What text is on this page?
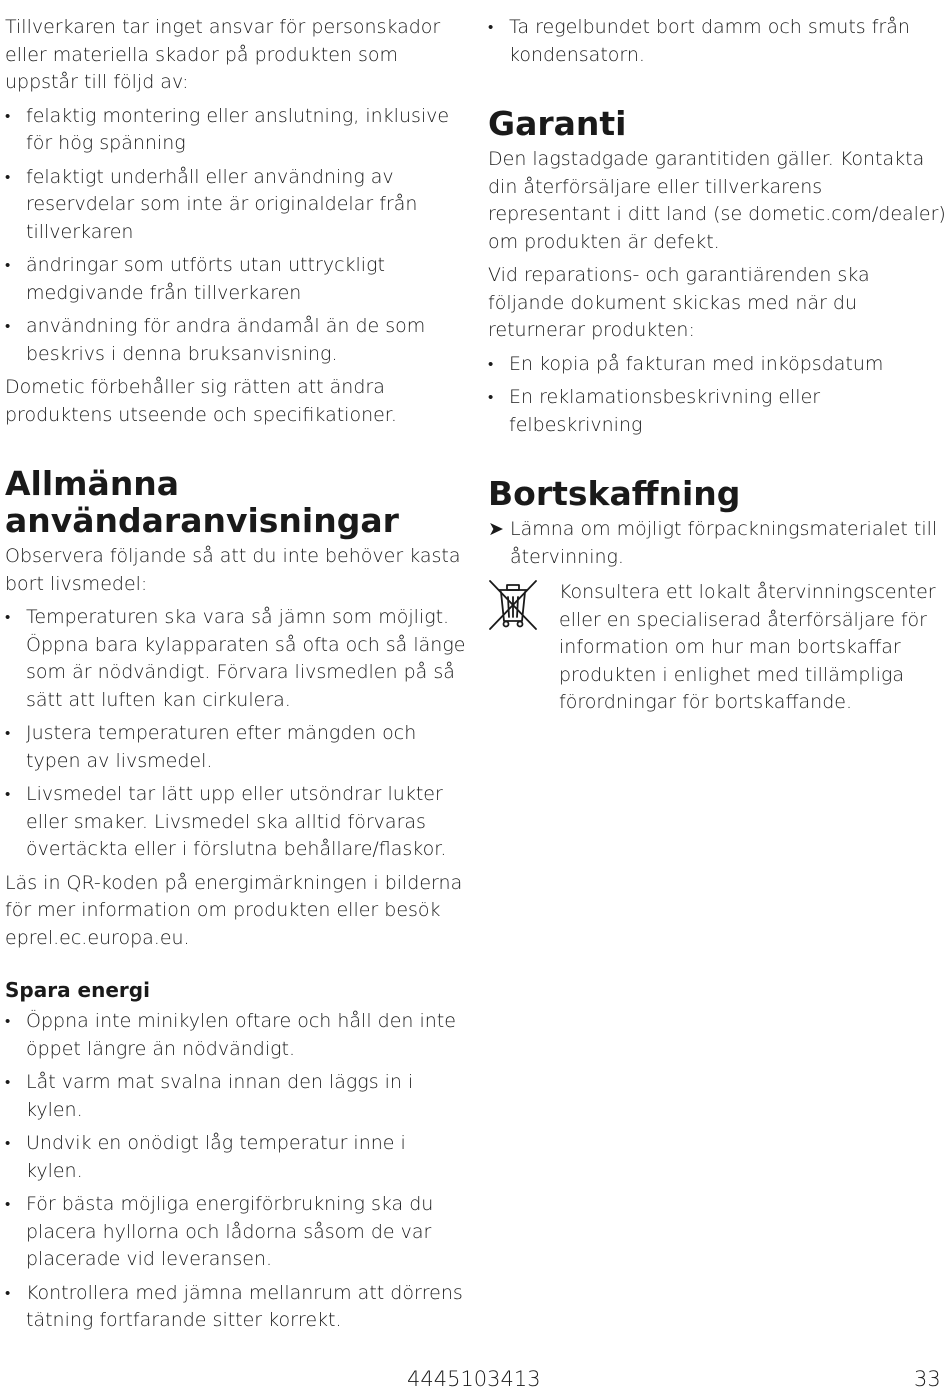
Tillverkaren tar inget ansvar för personskador eller materiella skador på produkten som uppstår till följd av:

• felaktig montering eller anslutning, inklusive för hög spänning
• felaktigt underhåll eller användning av reservdelar som inte är originaldelar från tillverkaren
• ändringar som utförts utan uttryckligt medgivande från tillverkaren
• användning för andra ändamål än de som beskrivs i denna bruksanvisning.

Dometic förbehåller sig rätten att ändra produktens utseende och specifikationer.

Allmänna användaranvisningar

Observera följande så att du inte behöver kasta bort livsmedel:

• Temperaturen ska vara så jämn som möjligt. Öppna bara kylapparaten så ofta och så länge som är nödvändigt. Förvara livsmedlen på så sätt att luften kan cirkulera.
• Justera temperaturen efter mängden och typen av livsmedel.
• Livsmedel tar lätt upp eller utsöndrar lukter eller smaker. Livsmedel ska alltid förvaras övertäckta eller i förslutna behållare/flaskor.

Läs in QR-koden på energimärkningen i bilderna för mer information om produkten eller besök eprel.ec.europa.eu.

Spara energi
• Öppna inte minikylen oftare och håll den inte öppet längre än nödvändigt.
• Låt varm mat svalna innan den läggs in i kylen.
• Undvik en onödigt låg temperatur inne i kylen.
• För bästa möjliga energiförbrukning ska du placera hyllorna och lådorna såsom de var placerade vid leveransen.
• Kontrollera med jämna mellanrum att dörrens tätning fortfarande sitter korrekt.
• Ta regelbundet bort damm och smuts från kondensatorn.
Garanti

Den lagstadgade garantitiden gäller. Kontakta din återförsäljare eller tillverkarens representant i ditt land (se dometic.com/dealer) om produkten är defekt.

Vid reparations- och garantiärenden ska följande dokument skickas med när du returnerar produkten:

• En kopia på fakturan med inköpsdatum
• En reklamationsbeskrivning eller felbeskrivning
Bortskaffning
➤ Lämna om möjligt förpackningsmaterialet till återvinning.

Konsultera ett lokalt återvinningscenter eller en specialiserad återförsäljare för information om hur man bortskaffar produkten i enlighet med tillämpliga förordningar för bortskaffande.

4445103413	33
